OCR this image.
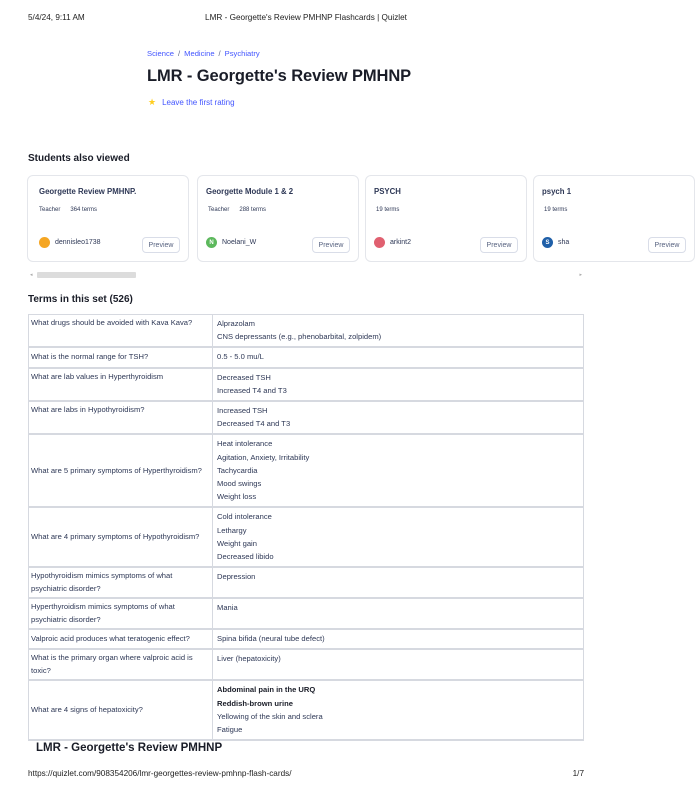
5/4/24, 9:11 AM	LMR - Georgette's Review PMHNP Flashcards | Quizlet
Science / Medicine / Psychiatry
LMR - Georgette's Review PMHNP
★ Leave the first rating
Students also viewed
Georgette Review PMHNP.
Teacher 364 terms
dennisleo1738	Preview
Georgette Module 1 & 2
Teacher 288 terms
N	Noelani_W	Preview
PSYCH
19 terms
arkint2	Preview
psych 1
19 terms
S	sha	Preview
◂	▸
Terms in this set (526)
What drugs should be avoided with Kava Kava?	Alprazolam
CNS depressants (e.g., phenobarbital, zolpidem)
What is the normal range for TSH?	0.5 - 5.0 mu/L
What are lab values in Hyperthyroidism	Decreased TSH
Increased T4 and T3
What are labs in Hypothyroidism?	Increased TSH
Decreased T4 and T3
What are 5 primary symptoms of Hyperthyroidism?
Heat intolerance
Agitation, Anxiety, Irritability
Tachycardia
Mood swings
Weight loss
What are 4 primary symptoms of Hypothyroidism?
Cold intolerance
Lethargy
Weight gain
Decreased libido
Hypothyroidism mimics symptoms of what psychiatric disorder?
Depression
Hyperthyroidism mimics symptoms of what psychiatric disorder?
Mania
Valproic acid produces what teratogenic effect?	Spina bifida (neural tube defect)
What is the primary organ where valproic acid is toxic?
Liver (hepatoxicity)
What are 4 signs of hepatoxicity?
Abdominal pain in the URQ
Reddish-brown urine
Yellowing of the skin and sclera
Fatigue
LMR - Georgette's Review PMHNP
https://quizlet.com/908354206/lmr-georgettes-review-pmhnp-flash-cards/	1/7
